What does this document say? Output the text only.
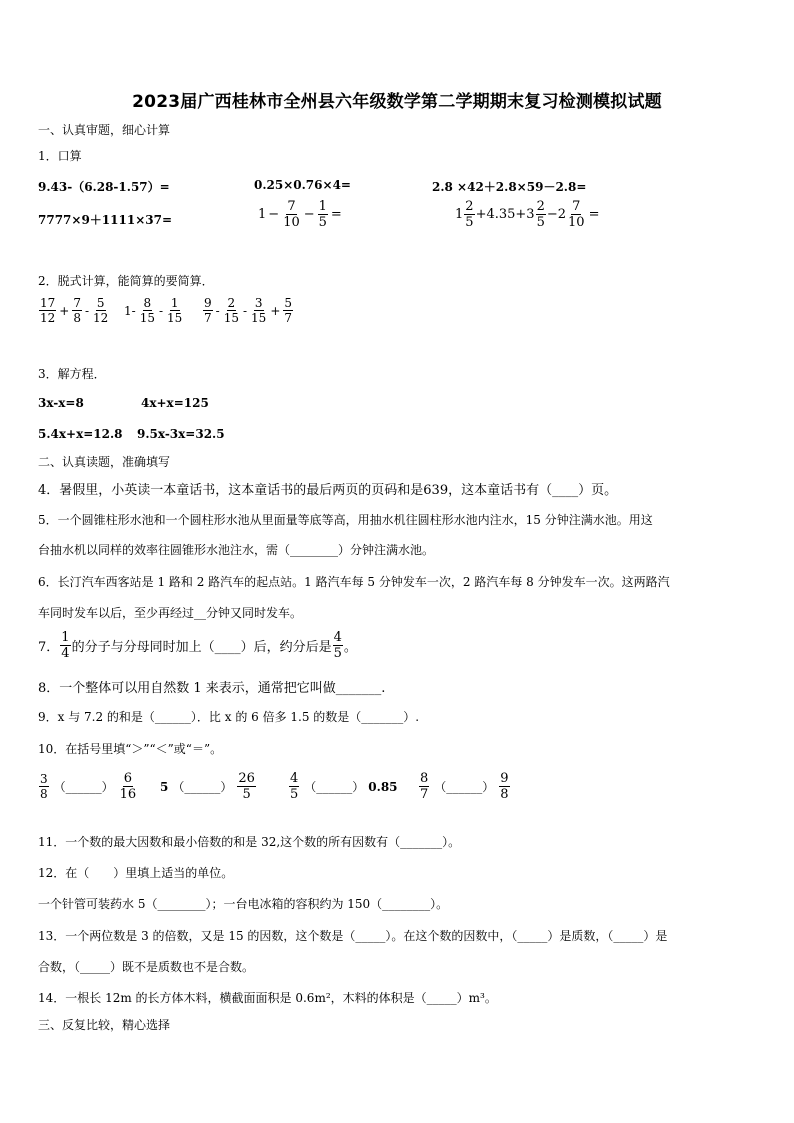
2023届广西桂林市全州县六年级数学第二学期期末复习检测模拟试题
一、认真审题，细心计算
1．口算
9.43-（6.28-1.57）=	0.25×0.76×4=	2.8 ×42＋2.8×59－2.8=
7777×9＋1111×37=	$1 - \frac{7}{10} - \frac{1}{5}$ =	$1 \frac{2}{5} +4.35+3 \frac{2}{5} -2 \frac{7}{10}$ =
2．脱式计算，能简算的要简算．
$\frac{17}{12} + \frac{7}{8} - \frac{5}{12} 1- \frac{8}{15} - \frac{1}{15} \frac{9}{7} - \frac{2}{15} - \frac{3}{15} + \frac{5}{7}$
3．解方程．
3x-x=8	4x+x=125
5.4x+x=12.8 9.5x-3x=32.5
二、认真读题，准确填写
4．暑假里，小英读一本童话书，这本童话书的最后两页的页码和是639，这本童话书有（____）页。
5．一个圆锥柱形水池和一个圆柱形水池从里面量等底等高，用抽水机往圆柱形水池内注水，15 分钟注满水池。用这
台抽水机以同样的效率往圆锥形水池注水，需（________）分钟注满水池。
6．长汀汽车西客站是 1 路和 2 路汽车的起点站。1 路汽车每 5 分钟发车一次，2 路汽车每 8 分钟发车一次。这两路汽
车同时发车以后，至少再经过__分钟又同时发车。
7． $\frac{1}{4}$ 的分子与分母同时加上（____）后，约分后是 $\frac{4}{5}$ 。
8．一个整体可以用自然数 1 来表示，通常把它叫做_______.
9．x 与 7.2 的和是（______）．比 x 的 6 倍多 1.5 的数是（_______）.
10．在括号里填“＞”“＜”或“＝”。
$\frac{3}{8}$ （______） $\frac{6}{16} 5$ （______） $\frac{26}{5}$	$\frac{4}{5}$ （______） $0.85 \frac{8}{7}$ （______） $\frac{9}{8}$
11．一个数的最大因数和最小倍数的和是 32,这个数的所有因数有（_______）。
12．在（　　）里填上适当的单位。
一个针管可装药水 5（________）；一台电冰箱的容积约为 150（________）。
13．一个两位数是 3 的倍数，又是 15 的因数，这个数是（_____）。在这个数的因数中，（_____）是质数，（_____）是
合数，（_____）既不是质数也不是合数。
14．一根长 12m 的长方体木料，横截面面积是 0.6m²，木料的体积是（_____）m³。
三、反复比较，精心选择
